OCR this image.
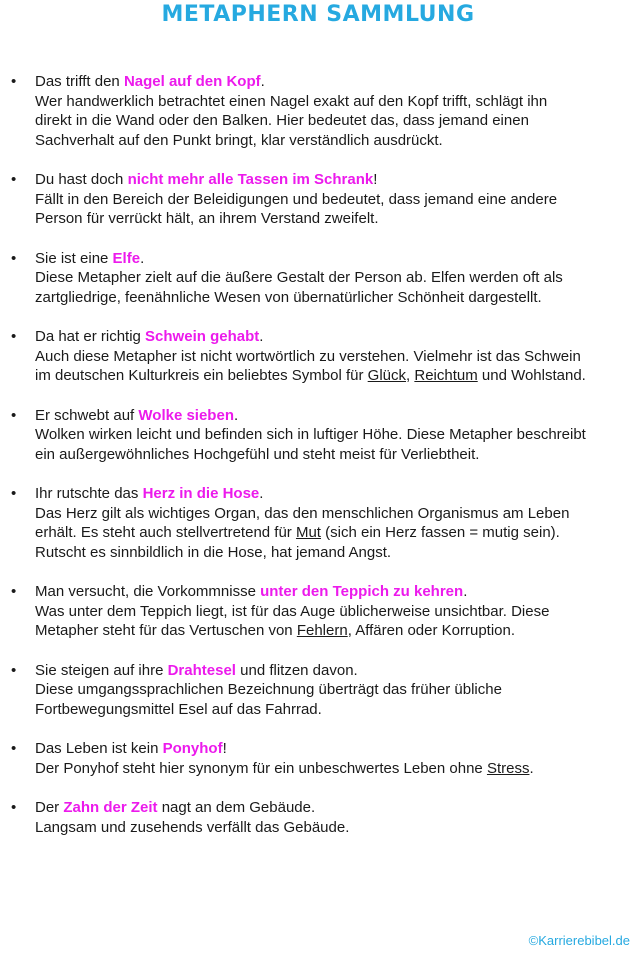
METAPHERN SAMMLUNG
• Das trifft den Nagel auf den Kopf.
Wer handwerklich betrachtet einen Nagel exakt auf den Kopf trifft, schlägt ihn
direkt in die Wand oder den Balken. Hier bedeutet das, dass jemand einen
Sachverhalt auf den Punkt bringt, klar verständlich ausdrückt.
• Du hast doch nicht mehr alle Tassen im Schrank!
Fällt in den Bereich der Beleidigungen und bedeutet, dass jemand eine andere
Person für verrückt hält, an ihrem Verstand zweifelt.
• Sie ist eine Elfe.
Diese Metapher zielt auf die äußere Gestalt der Person ab. Elfen werden oft als
zartgliedrige, feenähnliche Wesen von übernatürlicher Schönheit dargestellt.
• Da hat er richtig Schwein gehabt.
Auch diese Metapher ist nicht wortwörtlich zu verstehen. Vielmehr ist das Schwein
im deutschen Kulturkreis ein beliebtes Symbol für Glück, Reichtum und Wohlstand.
• Er schwebt auf Wolke sieben.
Wolken wirken leicht und befinden sich in luftiger Höhe. Diese Metapher beschreibt
ein außergewöhnliches Hochgefühl und steht meist für Verliebtheit.
• Ihr rutschte das Herz in die Hose.
Das Herz gilt als wichtiges Organ, das den menschlichen Organismus am Leben
erhält. Es steht auch stellvertretend für Mut (sich ein Herz fassen = mutig sein).
Rutscht es sinnbildlich in die Hose, hat jemand Angst.
• Man versucht, die Vorkommnisse unter den Teppich zu kehren.
Was unter dem Teppich liegt, ist für das Auge üblicherweise unsichtbar. Diese
Metapher steht für das Vertuschen von Fehlern, Affären oder Korruption.
• Sie steigen auf ihre Drahtesel und flitzen davon.
Diese umgangssprachlichen Bezeichnung überträgt das früher übliche
Fortbewegungsmittel Esel auf das Fahrrad.
• Das Leben ist kein Ponyhof!
Der Ponyhof steht hier synonym für ein unbeschwertes Leben ohne Stress.
• Der Zahn der Zeit nagt an dem Gebäude.
Langsam und zusehends verfällt das Gebäude.
©Karrierebibel.de
